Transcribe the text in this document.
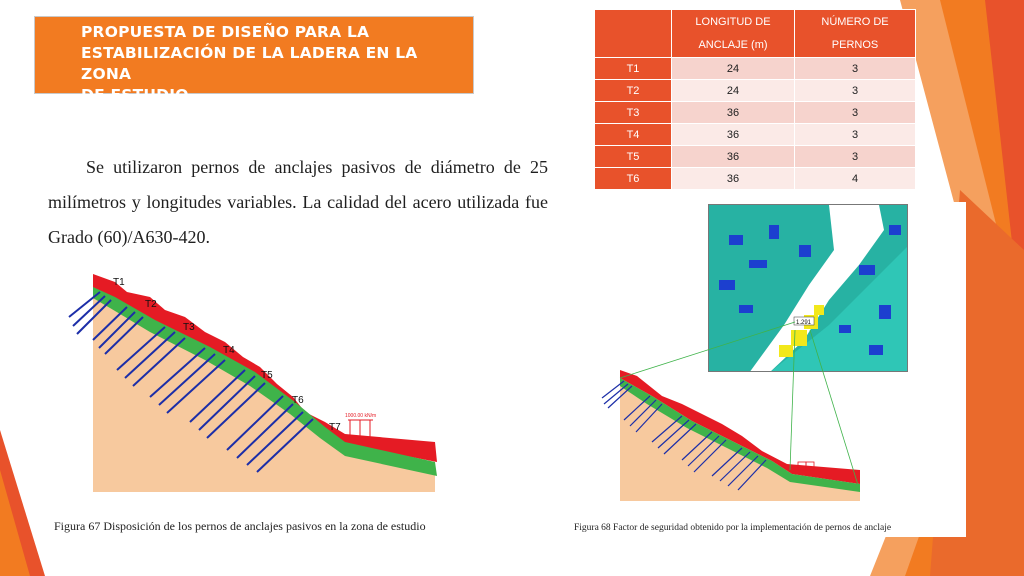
PROPUESTA DE DISEÑO PARA LA
ESTABILIZACIÓN DE LA LADERA EN LA ZONA
DE ESTUDIO
Se utilizaron pernos de anclajes pasivos de diámetro de 25 milímetros y longitudes variables. La calidad del acero utilizada fue Grado (60)/A630-420.
	LONGITUD DE ANCLAJE (m)	NÚMERO DE PERNOS
T1	24	3
T2	24	3
T3	36	3
T4	36	3
T5	36	3
T6	36	4
1000.00 kN/m
T1
T2
T3
T4
T5
T6
T7
Figura 67 Disposición de los pernos de anclajes pasivos en la zona de estudio
1.291
Figura 68 Factor de seguridad obtenido por la implementación de pernos de anclaje
